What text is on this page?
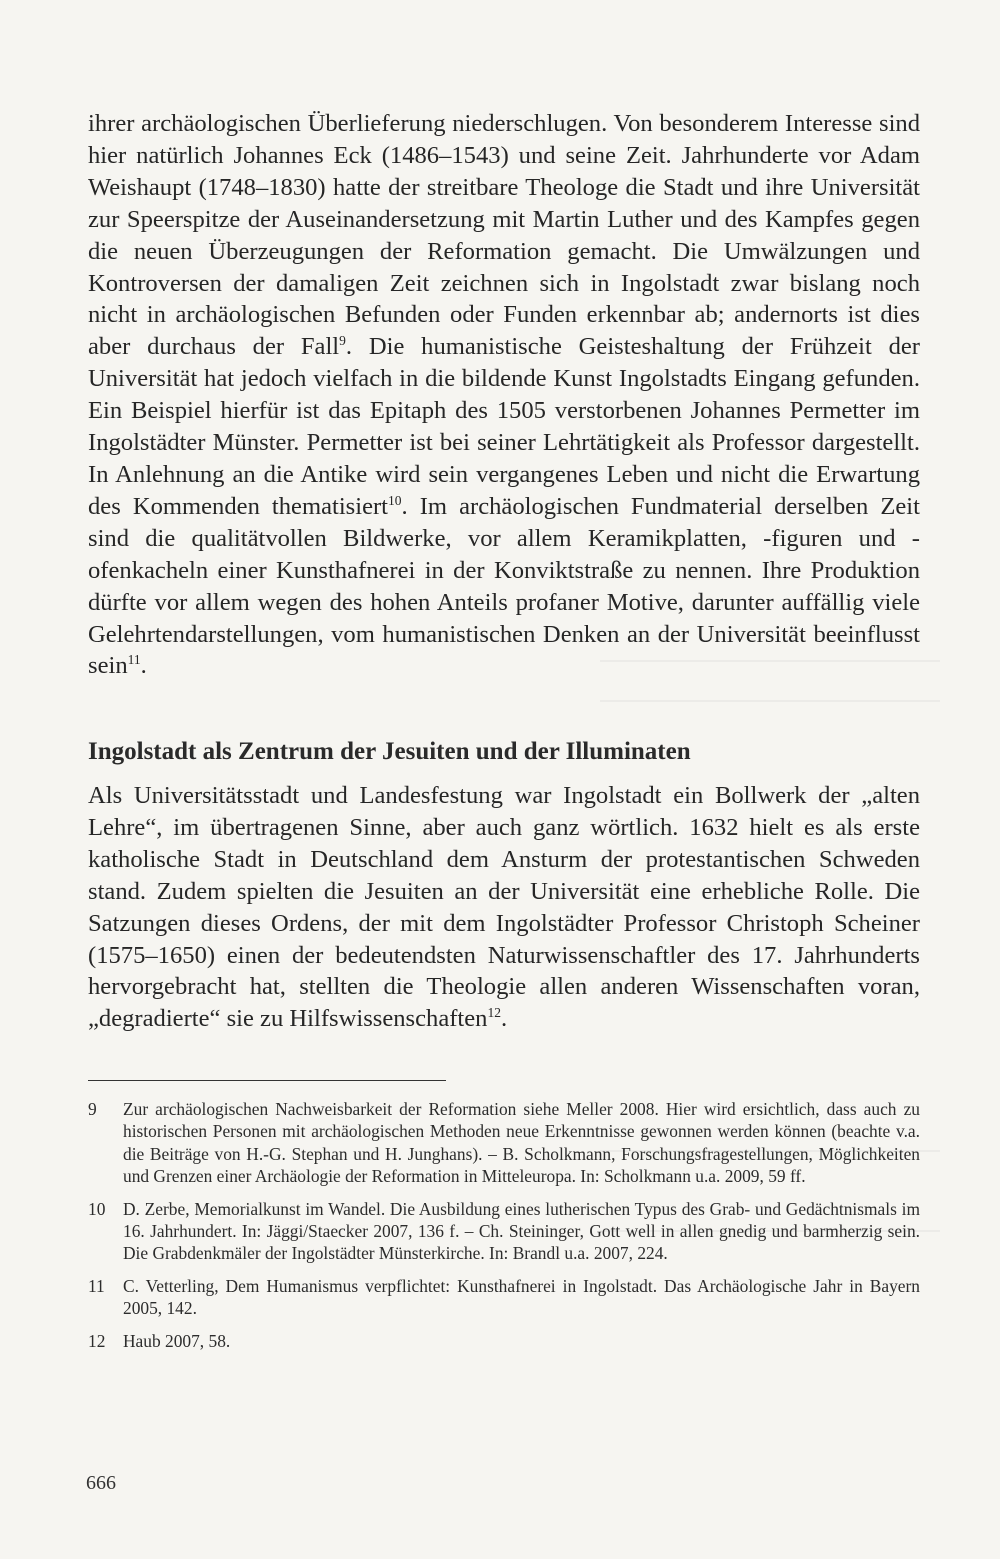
ihrer archäologischen Überlieferung niederschlugen. Von besonderem Interesse sind hier natürlich Johannes Eck (1486–1543) und seine Zeit. Jahrhunderte vor Adam Weishaupt (1748–1830) hatte der streitbare Theologe die Stadt und ihre Universität zur Speerspitze der Auseinandersetzung mit Martin Luther und des Kampfes gegen die neuen Überzeugungen der Reformation gemacht. Die Umwälzungen und Kontroversen der damaligen Zeit zeichnen sich in Ingolstadt zwar bislang noch nicht in archäologischen Befunden oder Funden erkennbar ab; andernorts ist dies aber durchaus der Fall$^9$. Die humanistische Geisteshaltung der Frühzeit der Universität hat jedoch vielfach in die bildende Kunst Ingolstadts Eingang gefunden. Ein Beispiel hierfür ist das Epitaph des 1505 verstorbenen Johannes Permetter im Ingolstädter Münster. Permetter ist bei seiner Lehrtätigkeit als Professor dargestellt. In Anlehnung an die Antike wird sein vergangenes Leben und nicht die Erwartung des Kommenden thematisiert$^{10}$. Im archäologischen Fundmaterial derselben Zeit sind die qualitätvollen Bildwerke, vor allem Keramikplatten, -figuren und -ofenkacheln einer Kunsthafnerei in der Konviktstraße zu nennen. Ihre Produktion dürfte vor allem wegen des hohen Anteils profaner Motive, darunter auffällig viele Gelehrtendarstellungen, vom humanistischen Denken an der Universität beeinflusst sein$^{11}$.

Ingolstadt als Zentrum der Jesuiten und der Illuminaten

Als Universitätsstadt und Landesfestung war Ingolstadt ein Bollwerk der „alten Lehre“, im übertragenen Sinne, aber auch ganz wörtlich. 1632 hielt es als erste katholische Stadt in Deutschland dem Ansturm der protestantischen Schweden stand. Zudem spielten die Jesuiten an der Universität eine erhebliche Rolle. Die Satzungen dieses Ordens, der mit dem Ingolstädter Professor Christoph Scheiner (1575–1650) einen der bedeutendsten Naturwissenschaftler des 17. Jahrhunderts hervorgebracht hat, stellten die Theologie allen anderen Wissenschaften voran, „degradierte“ sie zu Hilfswissenschaften$^{12}$.

9	Zur archäologischen Nachweisbarkeit der Reformation siehe Meller 2008. Hier wird ersichtlich, dass auch zu historischen Personen mit archäologischen Methoden neue Erkenntnisse gewonnen werden können (beachte v.a. die Beiträge von H.-G. Stephan und H. Junghans). – B. Scholkmann, Forschungsfragestellungen, Möglichkeiten und Grenzen einer Archäologie der Reformation in Mitteleuropa. In: Scholkmann u.a. 2009, 59 ff.
10	D. Zerbe, Memorialkunst im Wandel. Die Ausbildung eines lutherischen Typus des Grab- und Gedächtnismals im 16. Jahrhundert. In: Jäggi/Staecker 2007, 136 f. – Ch. Steininger, Gott well in allen gnedig und barmherzig sein. Die Grabdenkmäler der Ingolstädter Münsterkirche. In: Brandl u.a. 2007, 224.
11	C. Vetterling, Dem Humanismus verpflichtet: Kunsthafnerei in Ingolstadt. Das Archäologische Jahr in Bayern 2005, 142.
12	Haub 2007, 58.
666
